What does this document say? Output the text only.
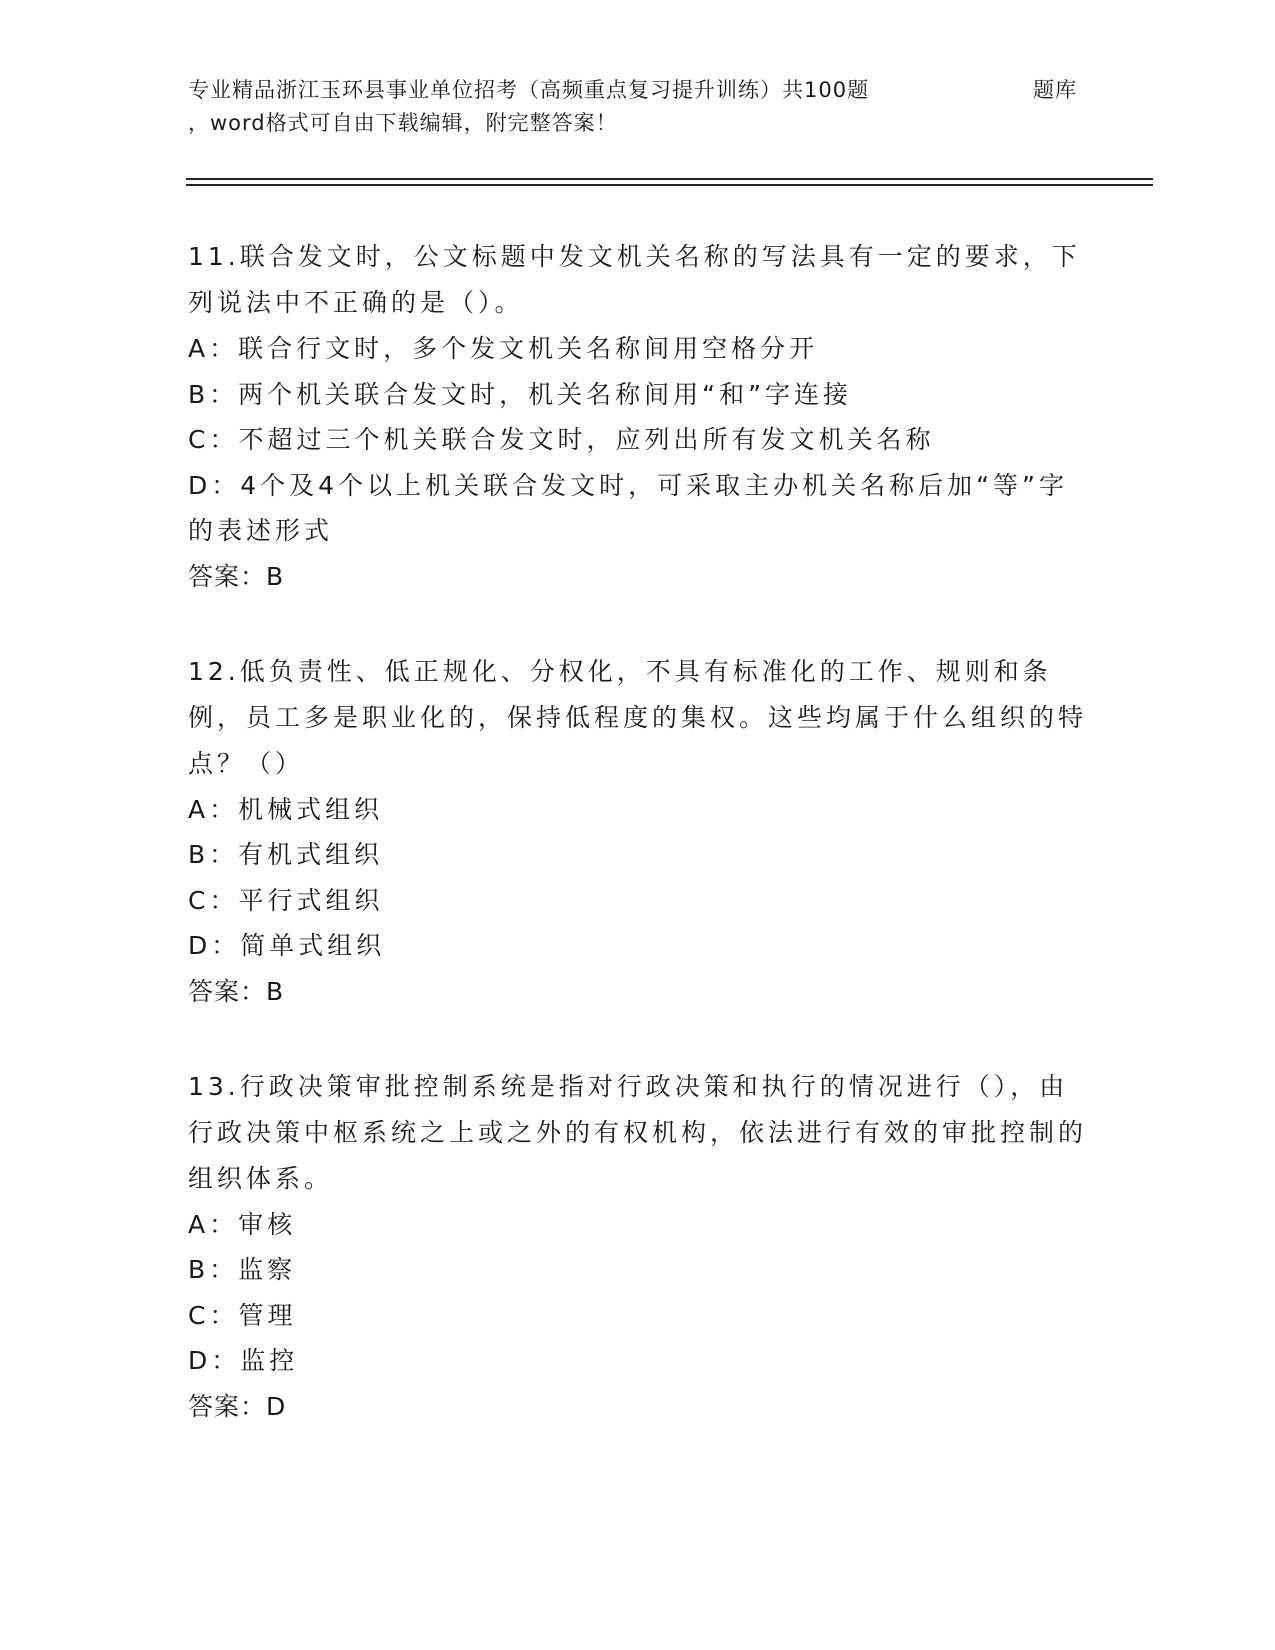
专业精品浙江玉环县事业单位招考（高频重点复习提升训练）共100题	题库
，word格式可自由下载编辑，附完整答案！

11.联合发文时，公文标题中发文机关名称的写法具有一定的要求，下列说法中不正确的是（）。

A：联合行文时，多个发文机关名称间用空格分开

B：两个机关联合发文时，机关名称间用“和”字连接

C：不超过三个机关联合发文时，应列出所有发文机关名称

D：4个及4个以上机关联合发文时，可采取主办机关名称后加“等”字的表述形式

答案：B

12.低负责性、低正规化、分权化，不具有标准化的工作、规则和条例，员工多是职业化的，保持低程度的集权。这些均属于什么组织的特点？（）

A：机械式组织

B：有机式组织

C：平行式组织

D：简单式组织

答案：B

13.行政决策审批控制系统是指对行政决策和执行的情况进行（），由行政决策中枢系统之上或之外的有权机构，依法进行有效的审批控制的组织体系。

A：审核

B：监察

C：管理

D：监控

答案：D
